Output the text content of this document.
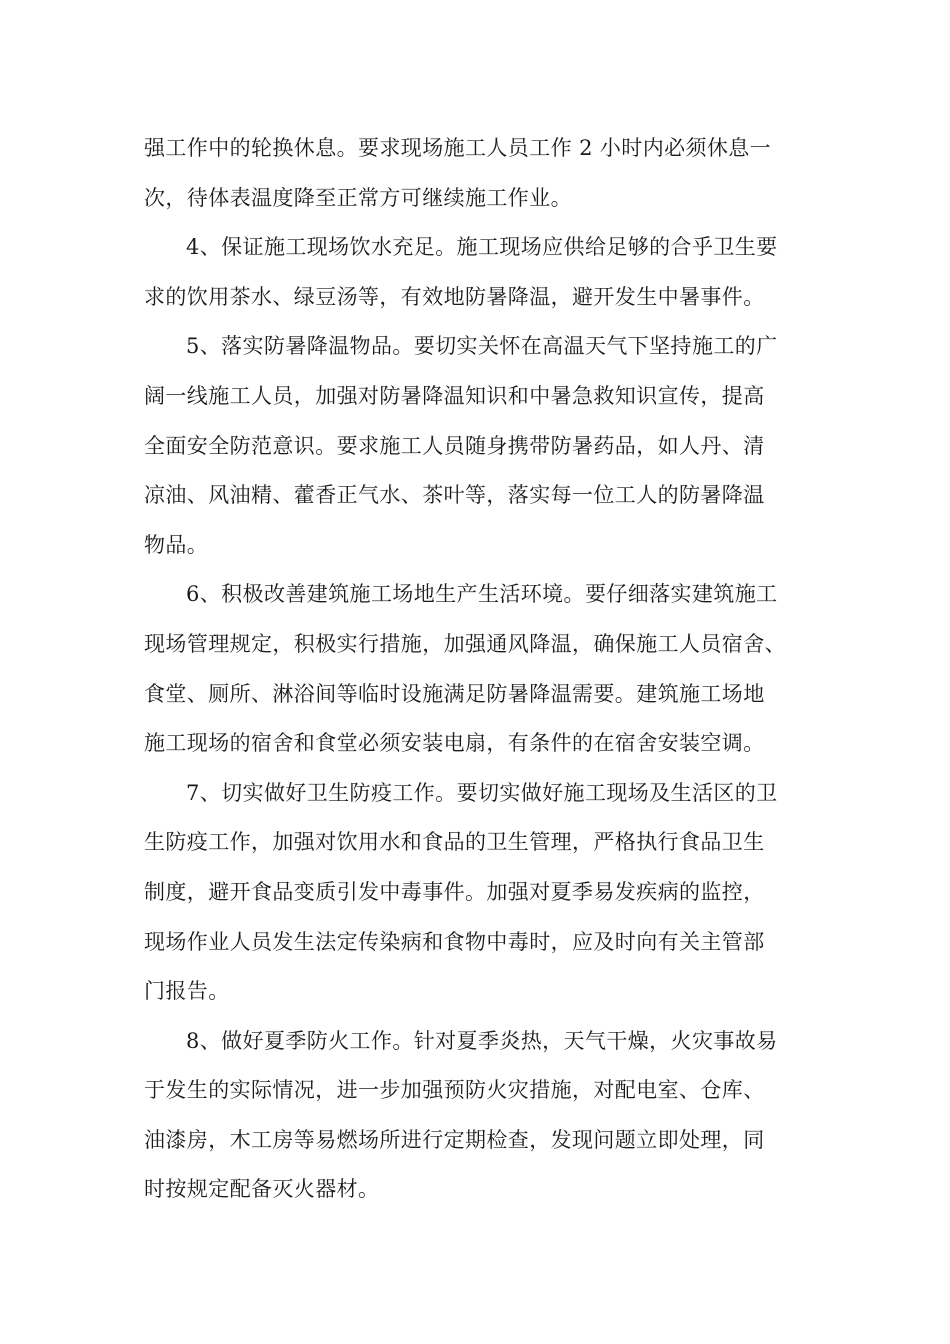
强工作中的轮换休息。要求现场施工人员工作 2 小时内必须休息一
次，待体表温度降至正常方可继续施工作业。
4、保证施工现场饮水充足。施工现场应供给足够的合乎卫生要
求的饮用茶水、绿豆汤等，有效地防暑降温，避开发生中暑事件。
5、落实防暑降温物品。要切实关怀在高温天气下坚持施工的广
阔一线施工人员，加强对防暑降温知识和中暑急救知识宣传，提高
全面安全防范意识。要求施工人员随身携带防暑药品，如人丹、清
凉油、风油精、藿香正气水、茶叶等，落实每一位工人的防暑降温
物品。
6、积极改善建筑施工场地生产生活环境。要仔细落实建筑施工
现场管理规定，积极实行措施，加强通风降温，确保施工人员宿舍、
食堂、厕所、淋浴间等临时设施满足防暑降温需要。建筑施工场地
施工现场的宿舍和食堂必须安装电扇，有条件的在宿舍安装空调。
7、切实做好卫生防疫工作。要切实做好施工现场及生活区的卫
生防疫工作，加强对饮用水和食品的卫生管理，严格执行食品卫生
制度，避开食品变质引发中毒事件。加强对夏季易发疾病的监控，
现场作业人员发生法定传染病和食物中毒时，应及时向有关主管部
门报告。
8、做好夏季防火工作。针对夏季炎热，天气干燥，火灾事故易
于发生的实际情况，进一步加强预防火灾措施，对配电室、仓库、
油漆房，木工房等易燃场所进行定期检查，发现问题立即处理，同
时按规定配备灭火器材。
